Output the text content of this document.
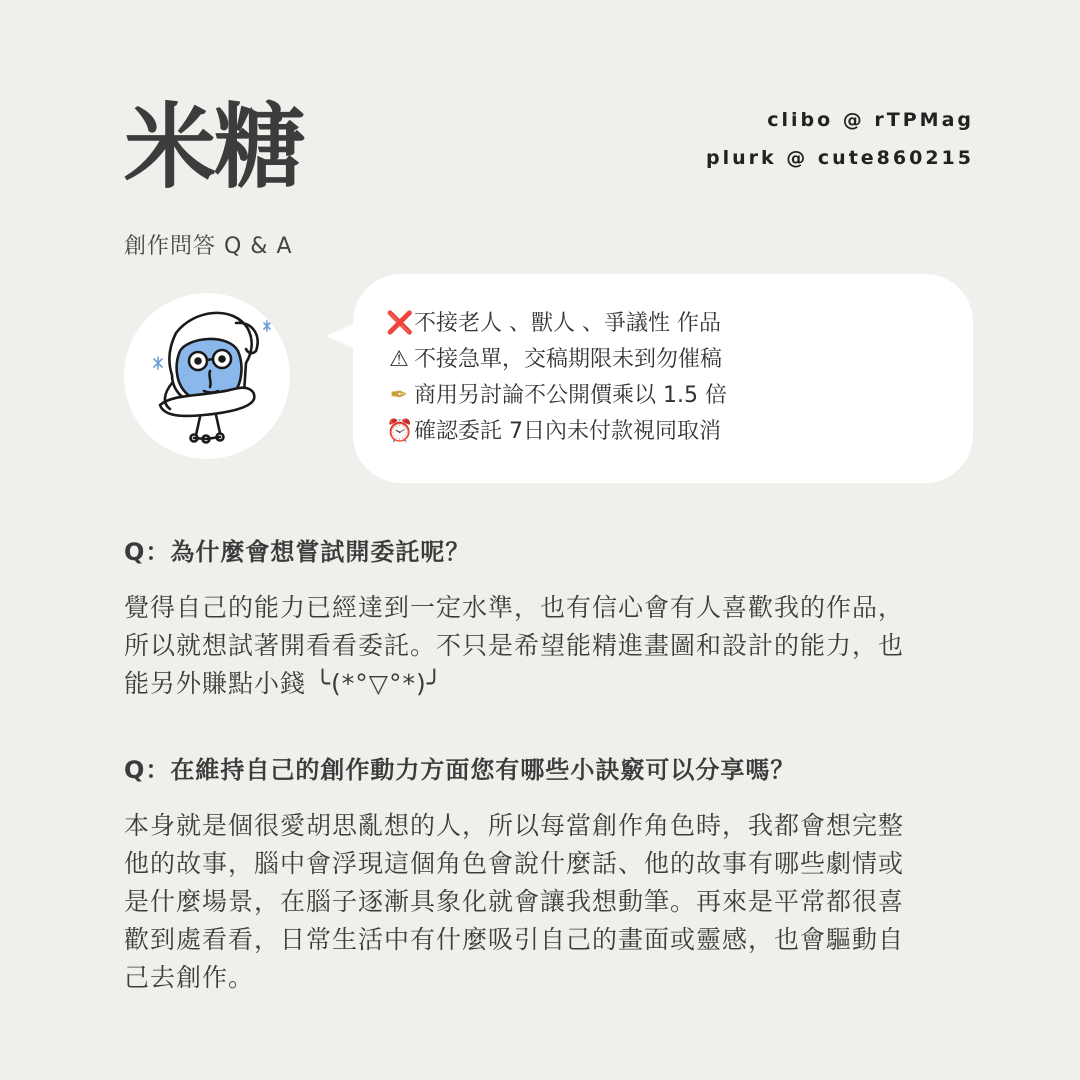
米糖	clibo @ rTPMag
plurk @ cute860215
創作問答 Q & A
❌ 不接老人 、獸人 、爭議性 作品
⚠ 不接急單，交稿期限未到勿催稿
✒ 商用另討論不公開價乘以 1.5 倍
⏰ 確認委託 7日內未付款視同取消

Q：為什麼會想嘗試開委託呢？

覺得自己的能力已經達到一定水準，也有信心會有人喜歡我的作品，
所以就想試著開看看委託。不只是希望能精進畫圖和設計的能力，也
能另外賺點小錢 ╰(*°▽°*)╯

Q：在維持自己的創作動力方面您有哪些小訣竅可以分享嗎？

本身就是個很愛胡思亂想的人，所以每當創作角色時，我都會想完整
他的故事，腦中會浮現這個角色會說什麼話、他的故事有哪些劇情或
是什麼場景，在腦子逐漸具象化就會讓我想動筆。再來是平常都很喜
歡到處看看，日常生活中有什麼吸引自己的畫面或靈感，也會驅動自
己去創作。
